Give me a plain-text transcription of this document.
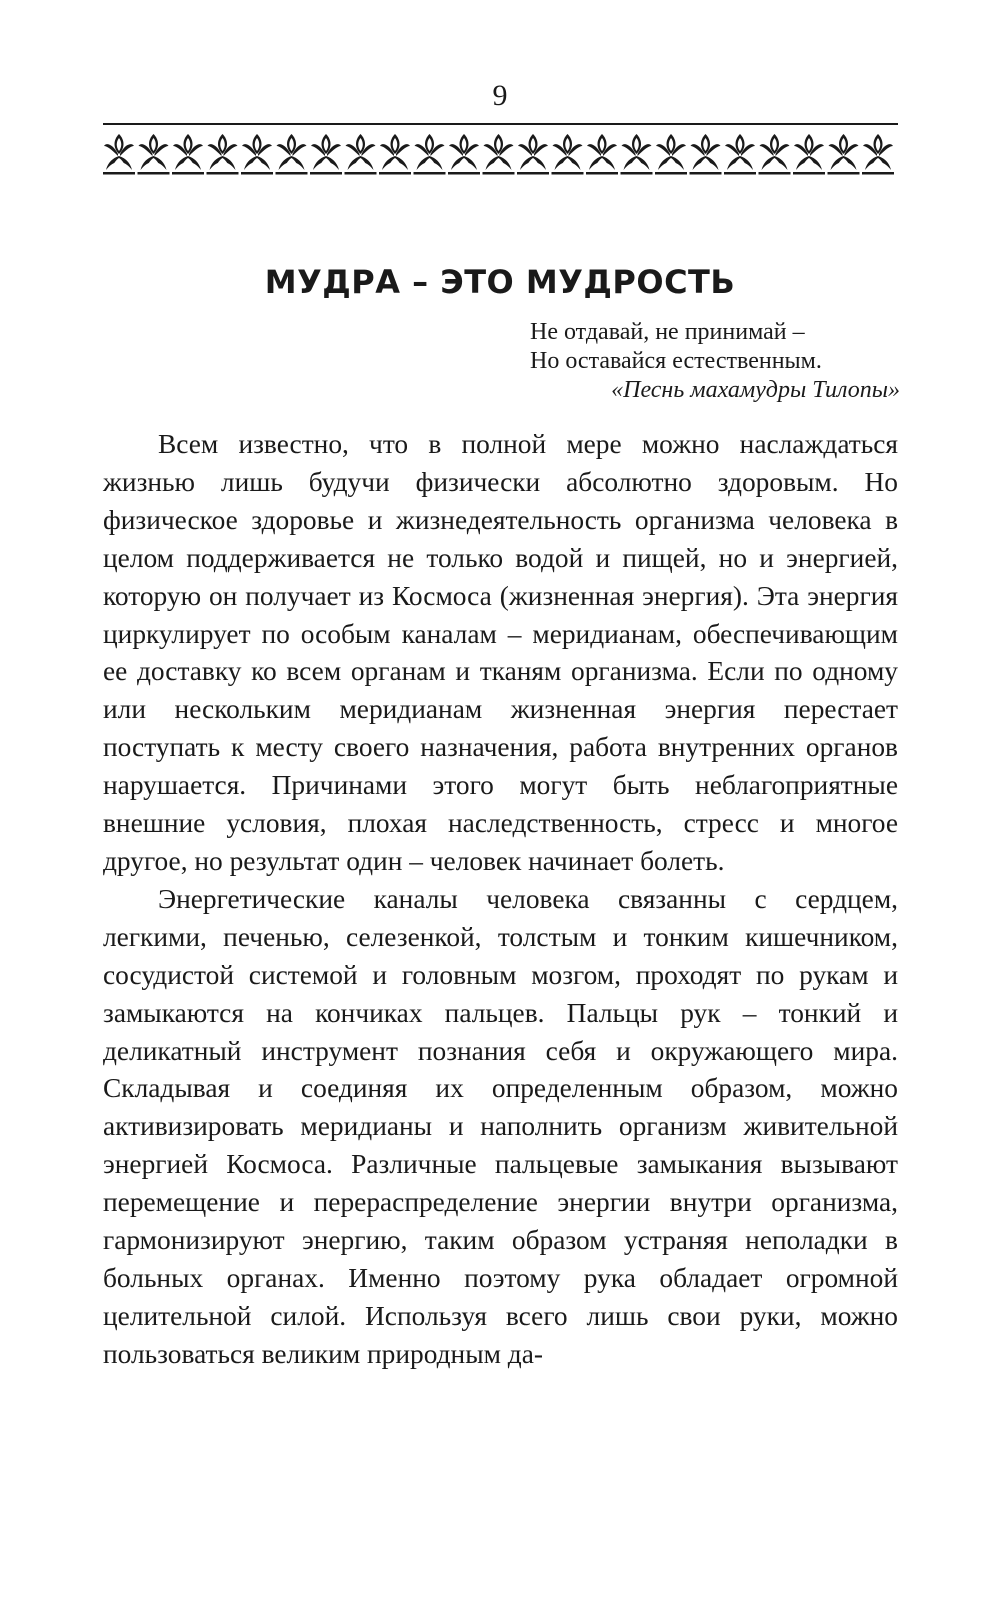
9
МУДРА – ЭТО МУДРОСТЬ
Не отдавай, не принимай –
Но оставайся естественным.
«Песнь махамудры Тилопы»

Всем известно, что в полной мере можно наслаждаться жизнью лишь будучи физически абсолютно здоровым. Но физическое здоровье и жизнедеятельность организма человека в целом поддерживается не только водой и пищей, но и энергией, которую он получает из Космоса (жизненная энергия). Эта энергия циркулирует по особым каналам – меридианам, обеспечивающим ее доставку ко всем органам и тканям организма. Если по одному или нескольким меридианам жизненная энергия перестает поступать к месту своего назначения, работа внутренних органов нарушается. Причинами этого могут быть неблагоприятные внешние условия, плохая наследственность, стресс и многое другое, но результат один – человек начинает болеть.

Энергетические каналы человека связанны с сердцем, легкими, печенью, селезенкой, толстым и тонким кишечником, сосудистой системой и головным мозгом, проходят по рукам и замыкаются на кончиках пальцев. Пальцы рук – тонкий и деликатный инструмент познания себя и окружающего мира. Складывая и соединяя их определенным образом, можно активизировать меридианы и наполнить организм живительной энергией Космоса. Различные пальцевые замыкания вызывают перемещение и перераспределение энергии внутри организма, гармонизируют энергию, таким образом устраняя неполадки в больных органах. Именно поэтому рука обладает огромной целительной силой. Используя всего лишь свои руки, можно пользоваться великим природным да-
